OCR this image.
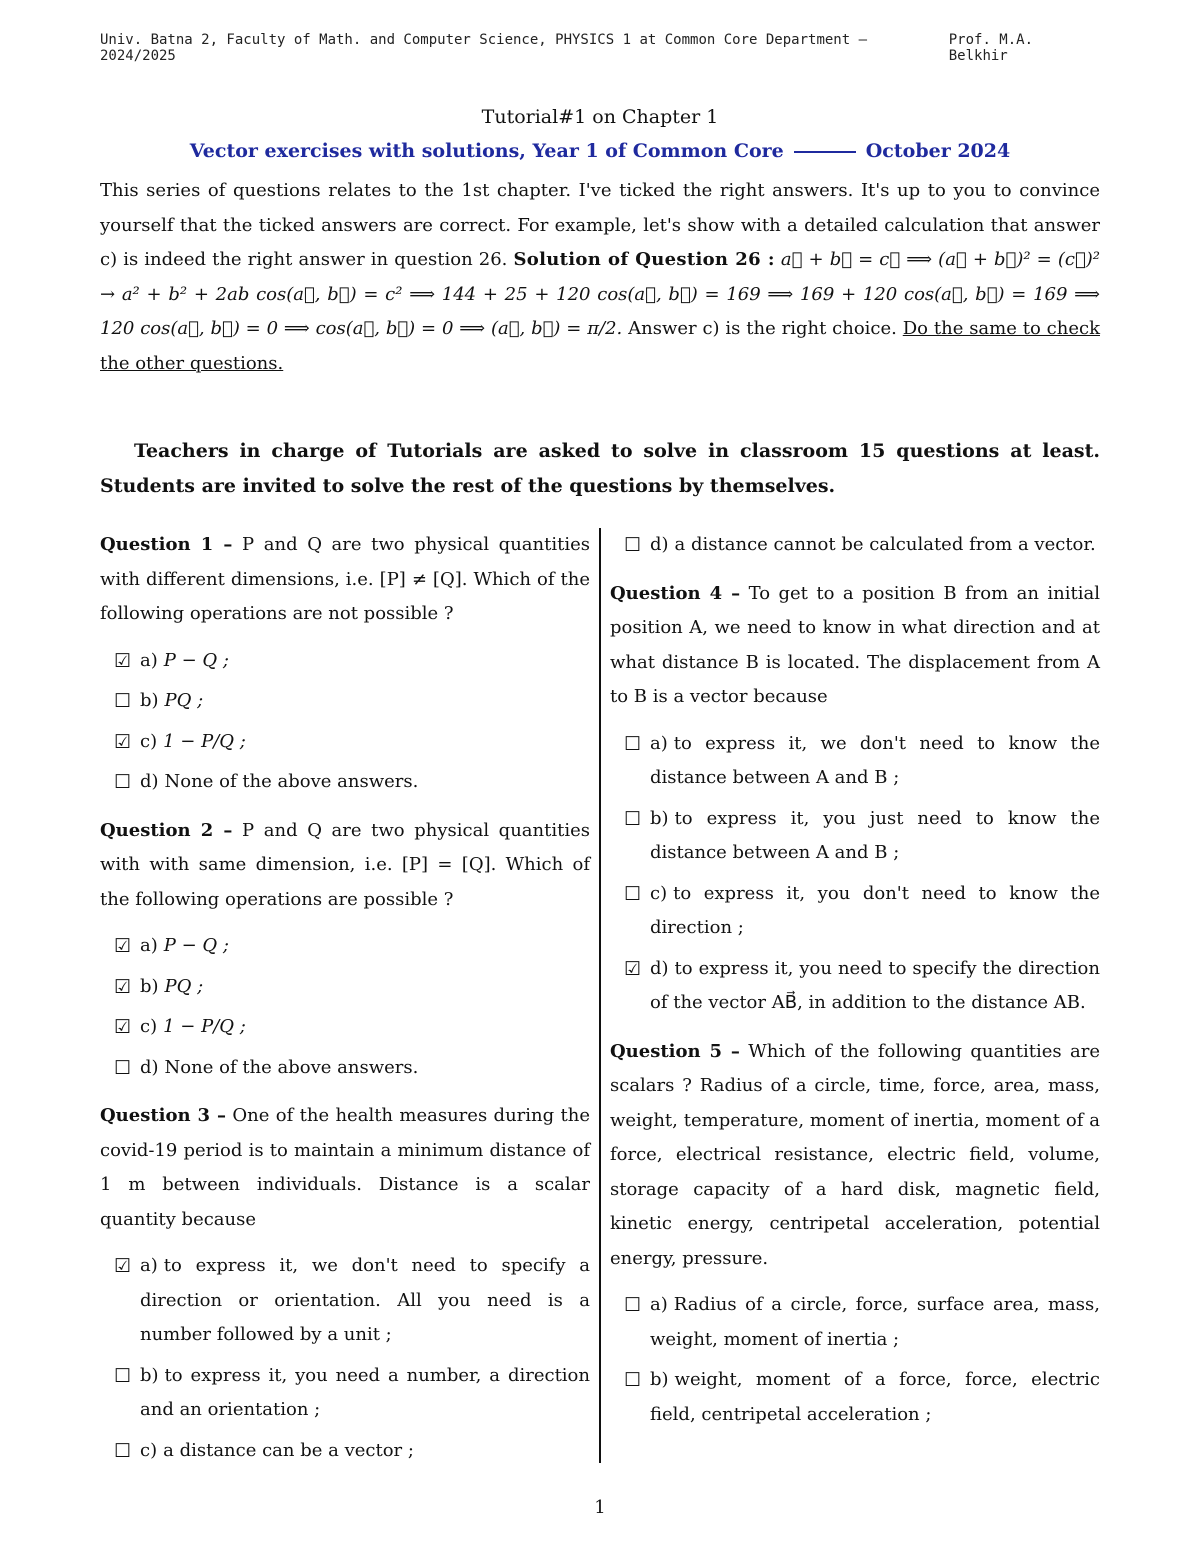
Univ. Batna 2, Faculty of Math. and Computer Science, PHYSICS 1 at Common Core Department — 2024/2025
Prof. M.A. Belkhir
Tutorial#1 on Chapter 1
Vector exercises with solutions, Year 1 of Common Core	October 2024

This series of questions relates to the 1st chapter. I've ticked the right answers. It's up to you to convince yourself that the ticked answers are correct. For example, let's show with a detailed calculation that answer c) is indeed the right answer in question 26. Solution of Question 26 : a⃗ + b⃗ = c⃗ ⟹ (a⃗ + b⃗)² = (c⃗)² → a² + b² + 2ab cos(a⃗, b⃗) = c² ⟹ 144 + 25 + 120 cos(a⃗, b⃗) = 169 ⟹ 169 + 120 cos(a⃗, b⃗) = 169 ⟹ 120 cos(a⃗, b⃗) = 0 ⟹ cos(a⃗, b⃗) = 0 ⟹ (a⃗, b⃗) = π/2. Answer c) is the right choice. Do the same to check the other questions.

Teachers in charge of Tutorials are asked to solve in classroom 15 questions at least. Students are invited to solve the rest of the questions by themselves.

Question 1 – P and Q are two physical quantities with different dimensions, i.e. [P] ≠ [Q]. Which of the following operations are not possible ?

☑ a) P − Q ;
☐ b) PQ ;
☑ c) 1 − P/Q ;
☐ d) None of the above answers.

Question 2 – P and Q are two physical quantities with with same dimension, i.e. [P] = [Q]. Which of the following operations are possible ?

☑ a) P − Q ;
☑ b) PQ ;
☑ c) 1 − P/Q ;
☐ d) None of the above answers.

Question 3 – One of the health measures during the covid-19 period is to maintain a minimum distance of 1 m between individuals. Distance is a scalar quantity because

☑ a) to express it, we don't need to specify a direction or orientation. All you need is a number followed by a unit ;
☐ b) to express it, you need a number, a direction and an orientation ;
☐ c) a distance can be a vector ;
☐ d) a distance cannot be calculated from a vector.

Question 4 – To get to a position B from an initial position A, we need to know in what direction and at what distance B is located. The displacement from A to B is a vector because

☐ a) to express it, we don't need to know the distance between A and B ;
☐ b) to express it, you just need to know the distance between A and B ;
☐ c) to express it, you don't need to know the direction ;
☑ d) to express it, you need to specify the direction of the vector AB⃗, in addition to the distance AB.

Question 5 – Which of the following quantities are scalars ? Radius of a circle, time, force, area, mass, weight, temperature, moment of inertia, moment of a force, electrical resistance, electric field, volume, storage capacity of a hard disk, magnetic field, kinetic energy, centripetal acceleration, potential energy, pressure.

☐ a) Radius of a circle, force, surface area, mass, weight, moment of inertia ;
☐ b) weight, moment of a force, force, electric field, centripetal acceleration ;
1
